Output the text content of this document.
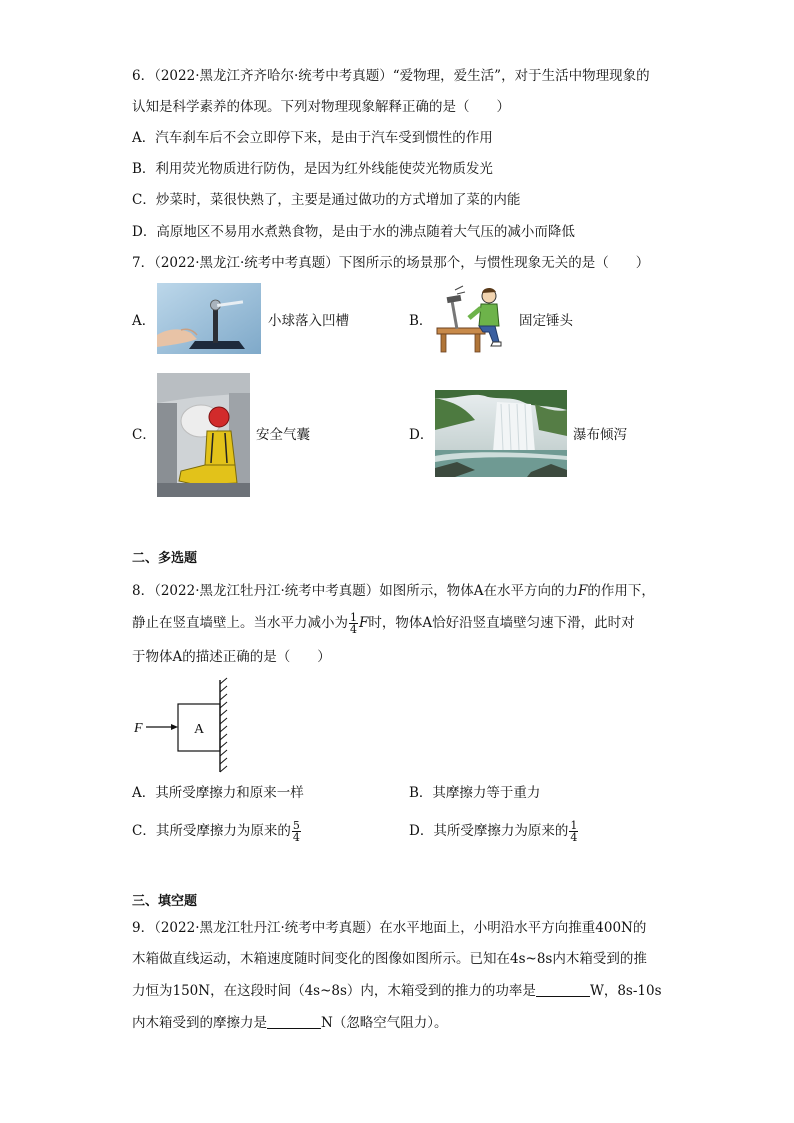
6．（2022·黑龙江齐齐哈尔·统考中考真题）“爱物理，爱生活”，对于生活中物理现象的
认知是科学素养的体现。下列对物理现象解释正确的是（　　）
A．汽车刹车后不会立即停下来，是由于汽车受到惯性的作用
B．利用荧光物质进行防伪，是因为红外线能使荧光物质发光
C．炒菜时，菜很快熟了，主要是通过做功的方式增加了菜的内能
D．高原地区不易用水煮熟食物，是由于水的沸点随着大气压的减小而降低
7．（2022·黑龙江·统考中考真题）下图所示的场景那个，与惯性现象无关的是（　　）
A．	小球落入凹槽	B．	固定锤头
C．	安全气囊	D．	瀑布倾泻
二、多选题
8．（2022·黑龙江牡丹江·统考中考真题）如图所示，物体A在水平方向的力F的作用下，
静止在竖直墙壁上。当水平力减小为 $\frac{1}{4}$ F时，物体A恰好沿竖直墙壁匀速下滑，此时对
于物体A的描述正确的是（　　）
A
F
A．其所受摩擦力和原来一样	B．其摩擦力等于重力
C．其所受摩擦力为原来的 $\frac{5}{4}$	D．其所受摩擦力为原来的 $\frac{1}{4}$
三、填空题
9．（2022·黑龙江牡丹江·统考中考真题）在水平地面上，小明沿水平方向推重400N的
木箱做直线运动，木箱速度随时间变化的图像如图所示。已知在4s~8s内木箱受到的推
力恒为150N，在这段时间（4s~8s）内，木箱受到的推力的功率是	W，8s-10s
内木箱受到的摩擦力是	N（忽略空气阻力）。
